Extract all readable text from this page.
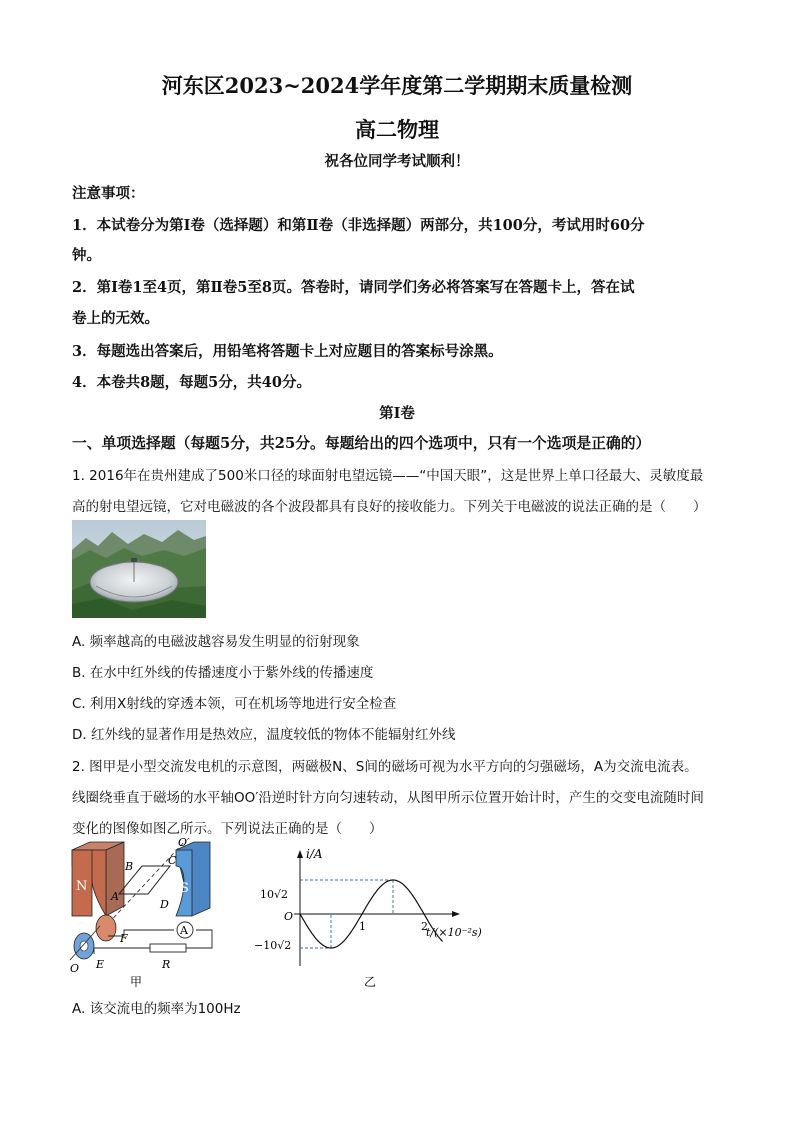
河东区2023~2024学年度第二学期期末质量检测
高二物理
祝各位同学考试顺利！
注意事项：
1．本试卷分为第Ⅰ卷（选择题）和第Ⅱ卷（非选择题）两部分，共100分，考试用时60分
钟。
2．第Ⅰ卷1至4页，第Ⅱ卷5至8页。答卷时，请同学们务必将答案写在答题卡上，答在试
卷上的无效。
3．每题选出答案后，用铅笔将答题卡上对应题目的答案标号涂黑。
4．本卷共8题，每题5分，共40分。
第Ⅰ卷
一、单项选择题（每题5分，共25分。每题给出的四个选项中，只有一个选项是正确的）
1. 2016年在贵州建成了500米口径的球面射电望远镜——“中国天眼”，这是世界上单口径最大、灵敏度最
高的射电望远镜，它对电磁波的各个波段都具有良好的接收能力。下列关于电磁波的说法正确的是（　　）
A. 频率越高的电磁波越容易发生明显的衍射现象
B. 在水中红外线的传播速度小于紫外线的传播速度
C. 利用X射线的穿透本领，可在机场等地进行安全检查
D. 红外线的显著作用是热效应，温度较低的物体不能辐射红外线
2. 图甲是小型交流发电机的示意图，两磁极N、S间的磁场可视为水平方向的匀强磁场，A为交流电流表。
线圈绕垂直于磁场的水平轴OO′沿逆时针方向匀速转动，从图甲所示位置开始计时，产生的交变电流随时间
变化的图像如图乙所示。下列说法正确的是（　　）
N	S
B	C
A
D
O′
O
F
E
A
R
甲
i/A
t/(×10⁻²s)
10√2
−10√2
O
1	2
乙
A. 该交流电的频率为100Hz
